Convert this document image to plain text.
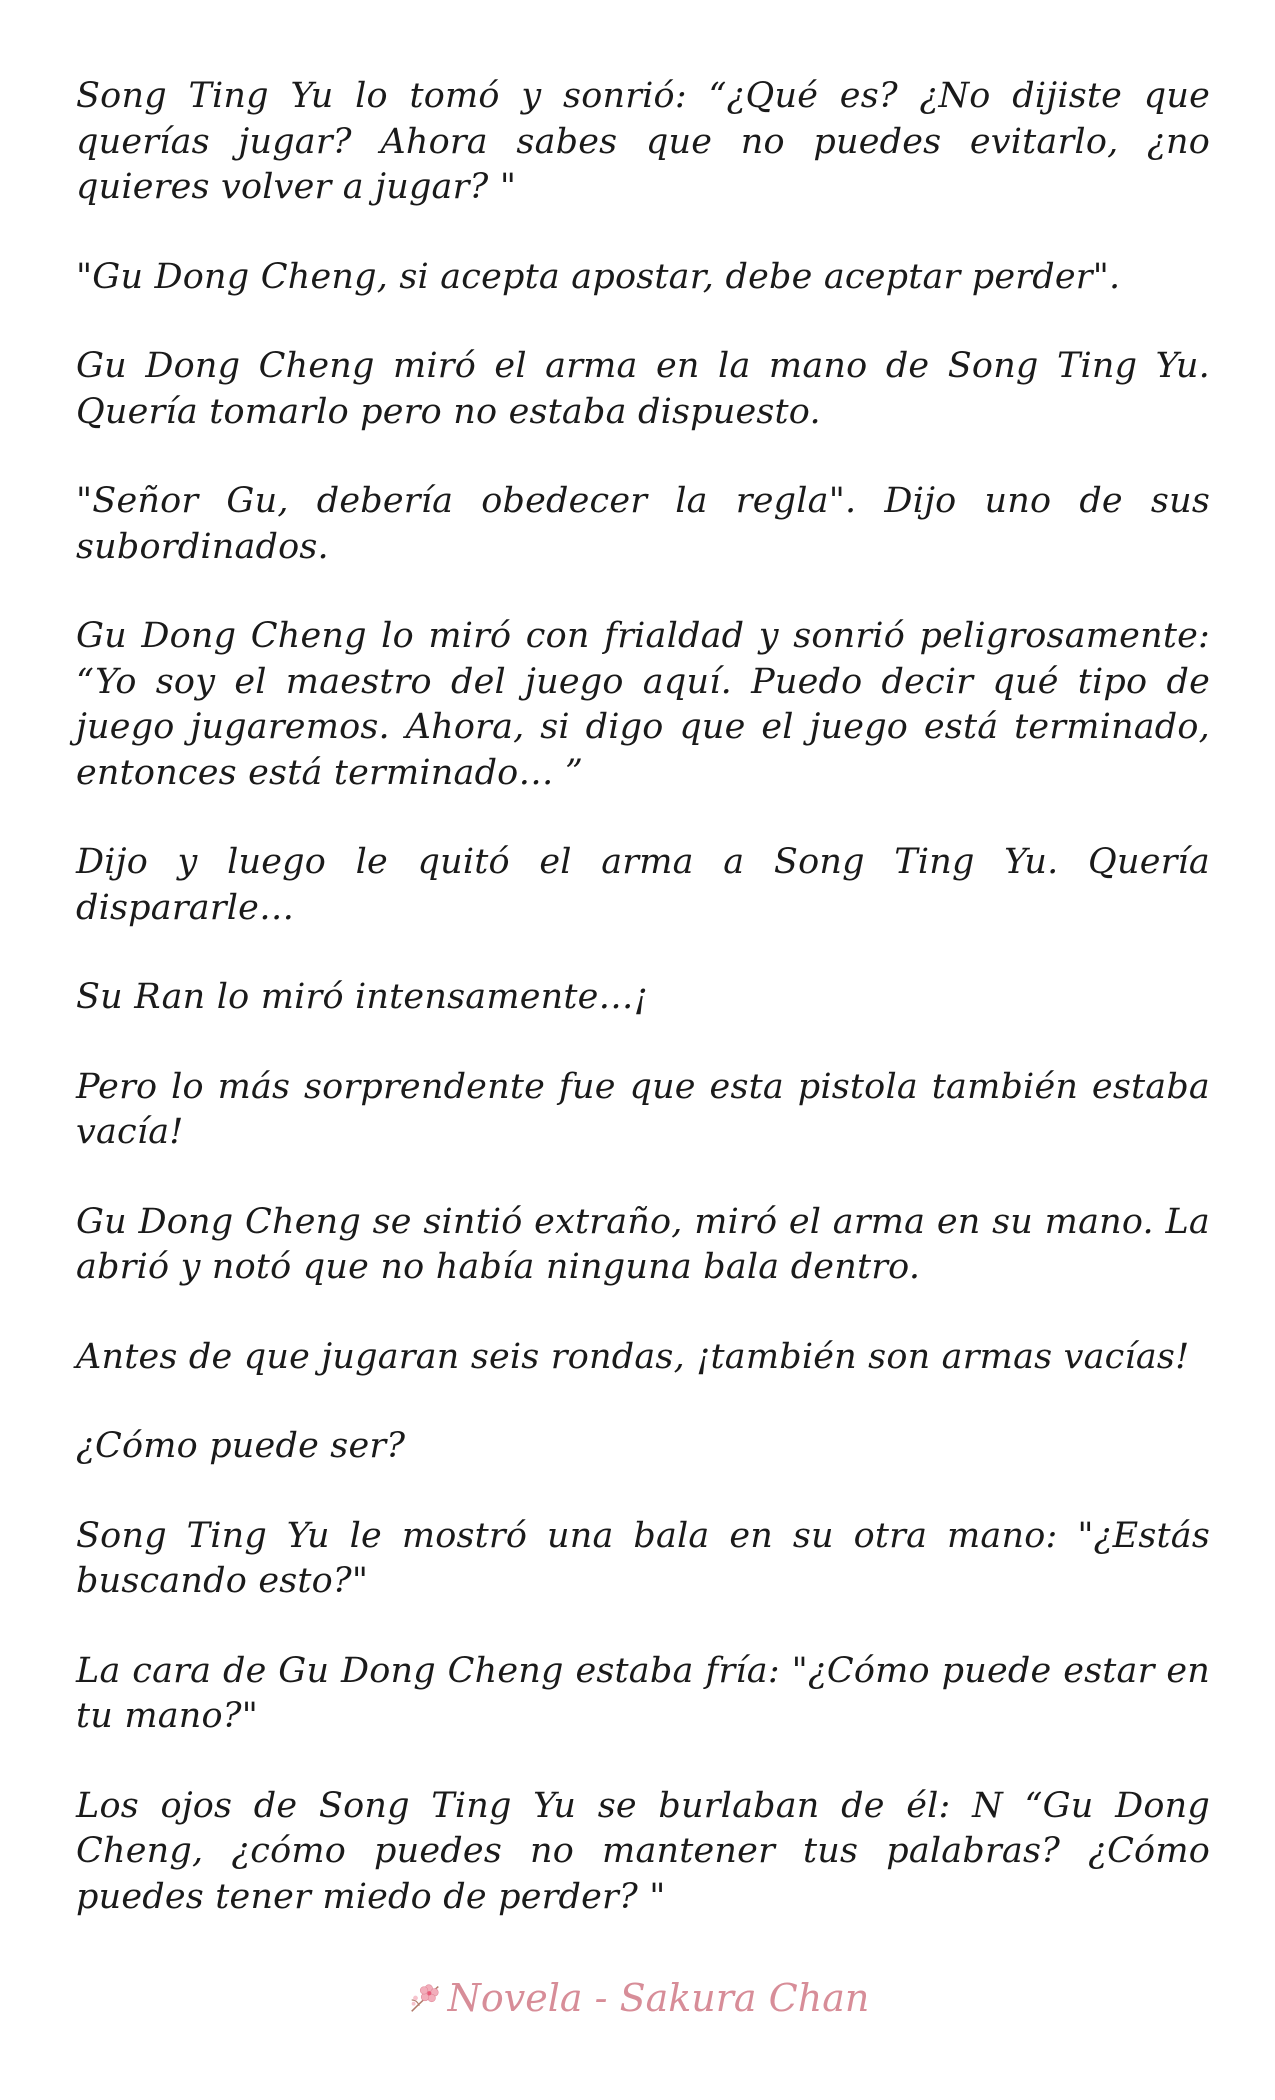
Song Ting Yu lo tomó y sonrió: “¿Qué es? ¿No dijiste que querías jugar? Ahora sabes que no puedes evitarlo, ¿no quieres volver a jugar? "

"Gu Dong Cheng, si acepta apostar, debe aceptar perder".

Gu Dong Cheng miró el arma en la mano de Song Ting Yu. Quería tomarlo pero no estaba dispuesto.

"Señor Gu, debería obedecer la regla". Dijo uno de sus subordinados.

Gu Dong Cheng lo miró con frialdad y sonrió peligrosamente: “Yo soy el maestro del juego aquí. Puedo decir qué tipo de juego jugaremos. Ahora, si digo que el juego está terminado, entonces está terminado… ”

Dijo y luego le quitó el arma a Song Ting Yu. Quería dispararle…

Su Ran lo miró intensamente…¡

Pero lo más sorprendente fue que esta pistola también estaba vacía!

Gu Dong Cheng se sintió extraño, miró el arma en su mano. La abrió y notó que no había ninguna bala dentro.

Antes de que jugaran seis rondas, ¡también son armas vacías!

¿Cómo puede ser?

Song Ting Yu le mostró una bala en su otra mano: "¿Estás buscando esto?"

La cara de Gu Dong Cheng estaba fría: "¿Cómo puede estar en tu mano?"

Los ojos de Song Ting Yu se burlaban de él: N “Gu Dong Cheng, ¿cómo puedes no mantener tus palabras? ¿Cómo puedes tener miedo de perder? "

Novela - Sakura Chan
